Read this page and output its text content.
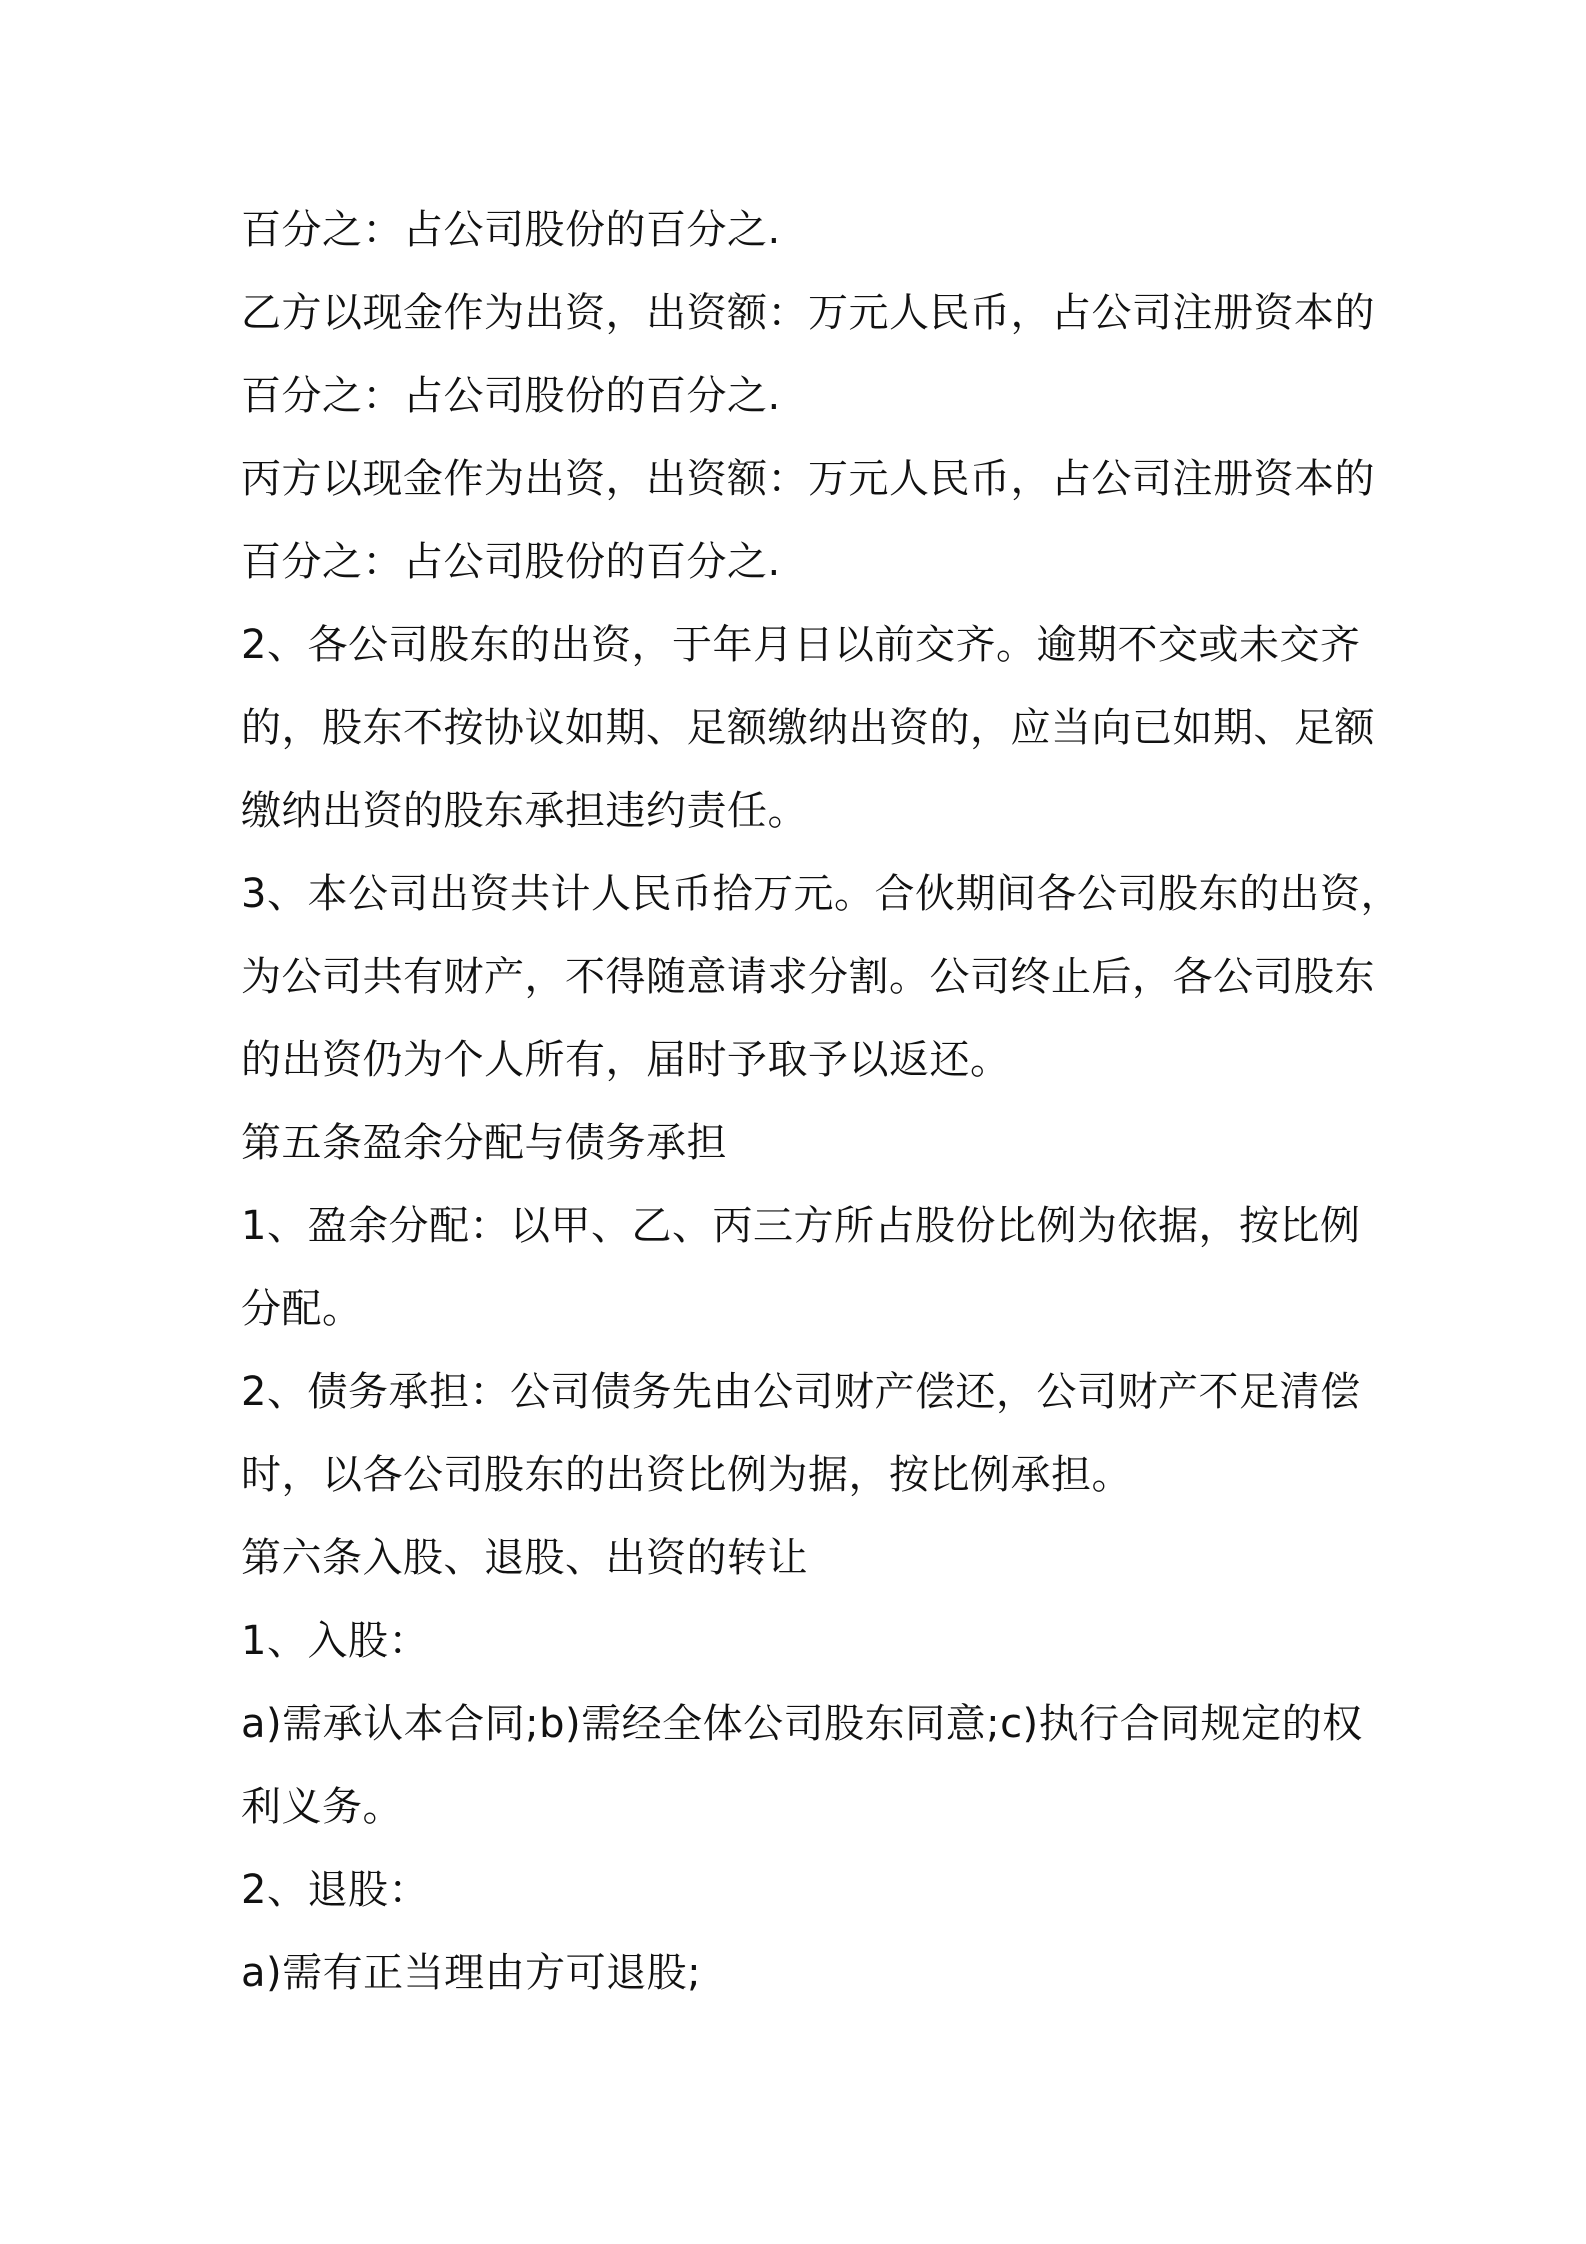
百分之：占公司股份的百分之.

乙方以现金作为出资，出资额：万元人民币，占公司注册资本的

百分之：占公司股份的百分之.

丙方以现金作为出资，出资额：万元人民币，占公司注册资本的

百分之：占公司股份的百分之.

2、各公司股东的出资，于年月日以前交齐。逾期不交或未交齐

的，股东不按协议如期、足额缴纳出资的，应当向已如期、足额

缴纳出资的股东承担违约责任。

3、本公司出资共计人民币拾万元。合伙期间各公司股东的出资，

为公司共有财产，不得随意请求分割。公司终止后，各公司股东

的出资仍为个人所有，届时予取予以返还。

第五条盈余分配与债务承担

1、盈余分配：以甲、乙、丙三方所占股份比例为依据，按比例

分配。

2、债务承担：公司债务先由公司财产偿还，公司财产不足清偿

时，以各公司股东的出资比例为据，按比例承担。

第六条入股、退股、出资的转让

1、入股：

a)需承认本合同;b)需经全体公司股东同意;c)执行合同规定的权

利义务。

2、退股：

a)需有正当理由方可退股;
